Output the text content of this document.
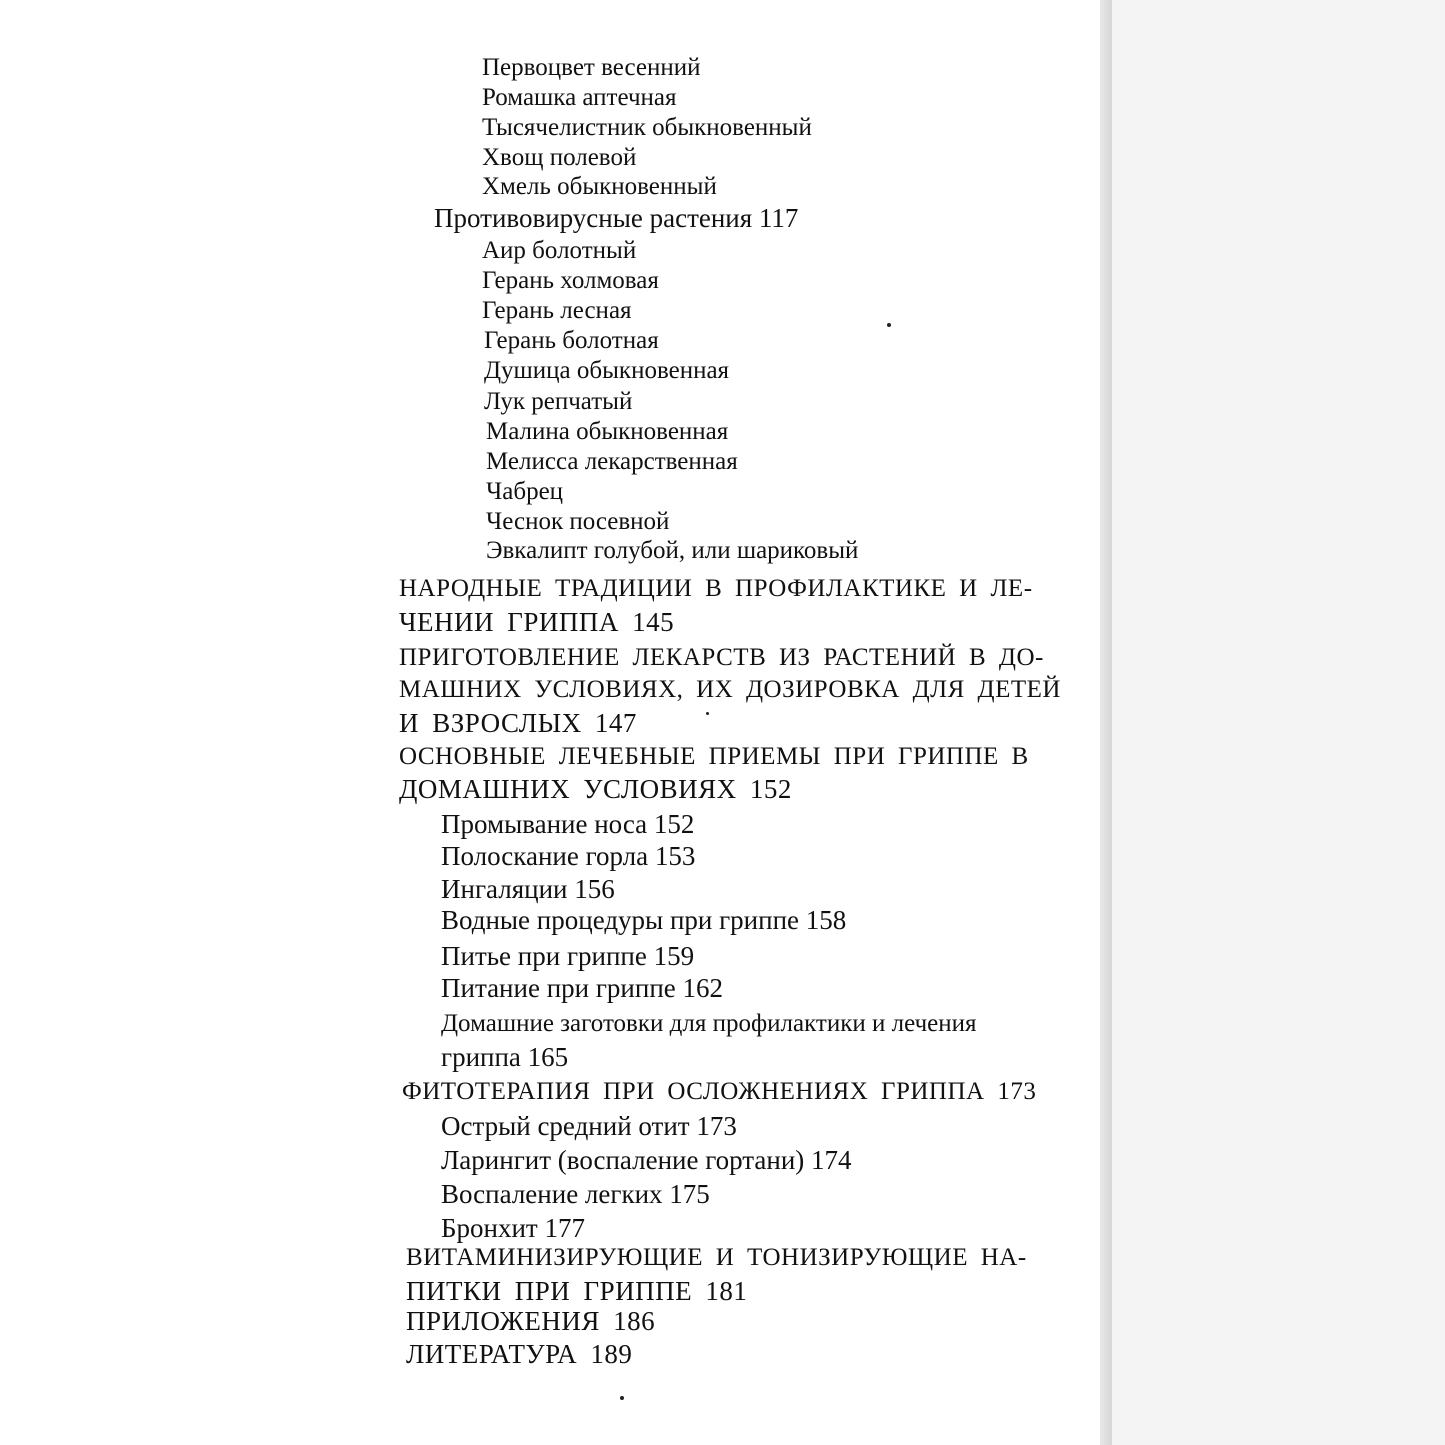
Первоцвет весенний
Ромашка аптечная
Тысячелистник обыкновенный
Хвощ полевой
Хмель обыкновенный
Противовирусные растения 117
Аир болотный
Герань холмовая
Герань лесная
Герань болотная
Душица обыкновенная
Лук репчатый
Малина обыкновенная
Мелисса лекарственная
Чабрец
Чеснок посевной
Эвкалипт голубой, или шариковый
НАРОДНЫЕ ТРАДИЦИИ В ПРОФИЛАКТИКЕ И ЛЕ-
ЧЕНИИ ГРИППА 145
ПРИГОТОВЛЕНИЕ ЛЕКАРСТВ ИЗ РАСТЕНИЙ В ДО-
МАШНИХ УСЛОВИЯХ, ИХ ДОЗИРОВКА ДЛЯ ДЕТЕЙ
И ВЗРОСЛЫХ 147
ОСНОВНЫЕ ЛЕЧЕБНЫЕ ПРИЕМЫ ПРИ ГРИППЕ В
ДОМАШНИХ УСЛОВИЯХ 152
Промывание носа 152
Полоскание горла 153
Ингаляции 156
Водные процедуры при гриппе 158
Питье при гриппе 159
Питание при гриппе 162
Домашние заготовки для профилактики и лечения
гриппа 165
ФИТОТЕРАПИЯ ПРИ ОСЛОЖНЕНИЯХ ГРИППА 173
Острый средний отит 173
Ларингит (воспаление гортани) 174
Воспаление легких 175
Бронхит 177
ВИТАМИНИЗИРУЮЩИЕ И ТОНИЗИРУЮЩИЕ НА-
ПИТКИ ПРИ ГРИППЕ 181
ПРИЛОЖЕНИЯ 186
ЛИТЕРАТУРА 189
